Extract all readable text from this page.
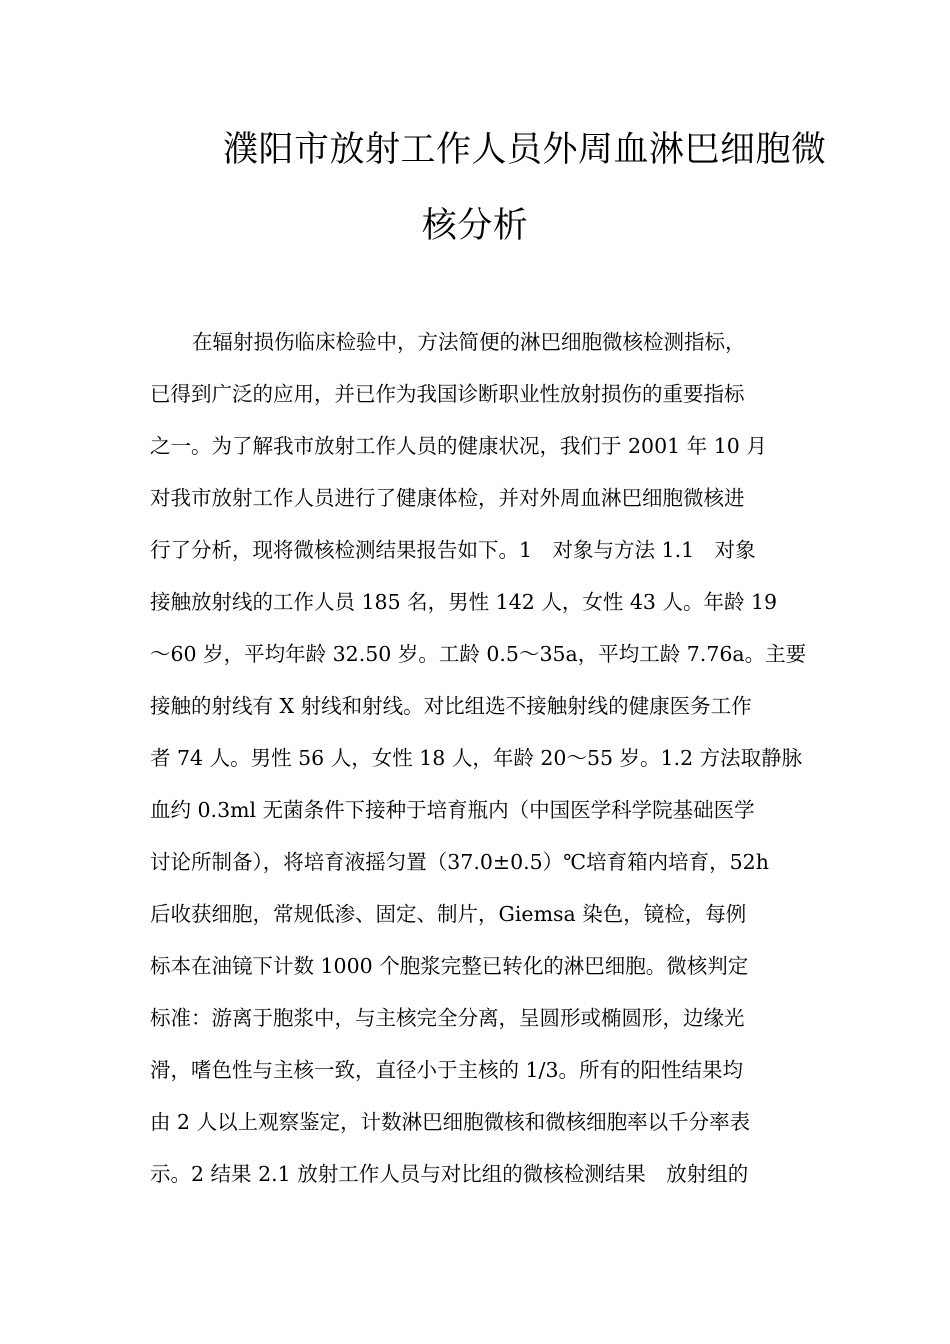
濮阳市放射工作人员外周血淋巴细胞微
核分析
在辐射损伤临床检验中，方法简便的淋巴细胞微核检测指标，
已得到广泛的应用，并已作为我国诊断职业性放射损伤的重要指标
之一。为了解我市放射工作人员的健康状况，我们于 2001 年 10 月
对我市放射工作人员进行了健康体检，并对外周血淋巴细胞微核进
行了分析，现将微核检测结果报告如下。1　对象与方法 1.1　对象
接触放射线的工作人员 185 名，男性 142 人，女性 43 人。年龄 19
～60 岁，平均年龄 32.50 岁。工龄 0.5～35a，平均工龄 7.76a。主要
接触的射线有 X 射线和射线。对比组选不接触射线的健康医务工作
者 74 人。男性 56 人，女性 18 人，年龄 20～55 岁。1.2 方法取静脉
血约 0.3ml 无菌条件下接种于培育瓶内（中国医学科学院基础医学
讨论所制备），将培育液摇匀置（37.0±0.5）℃培育箱内培育，52h
后收获细胞，常规低渗、固定、制片，Giemsa 染色，镜检，每例
标本在油镜下计数 1000 个胞浆完整已转化的淋巴细胞。微核判定
标准：游离于胞浆中，与主核完全分离，呈圆形或椭圆形，边缘光
滑，嗜色性与主核一致，直径小于主核的 1/3。所有的阳性结果均
由 2 人以上观察鉴定，计数淋巴细胞微核和微核细胞率以千分率表
示。2 结果 2.1 放射工作人员与对比组的微核检测结果　放射组的
